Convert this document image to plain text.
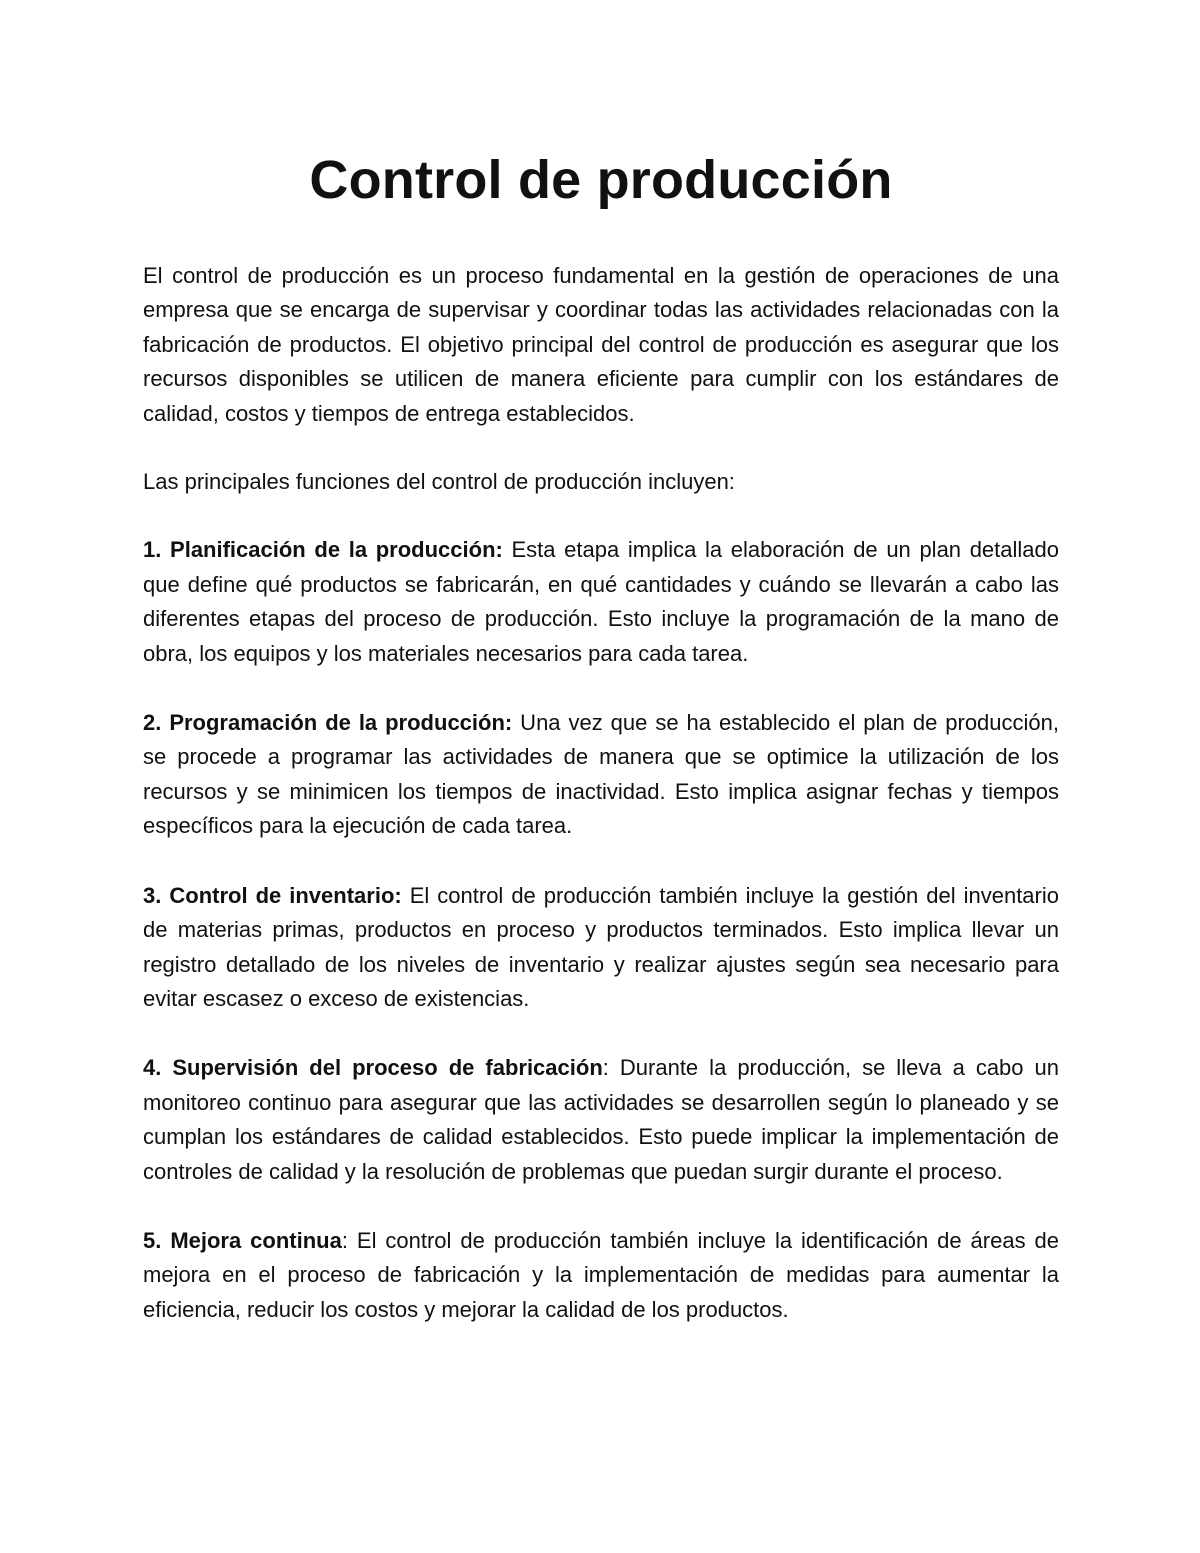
Control de producción

El control de producción es un proceso fundamental en la gestión de operaciones de una empresa que se encarga de supervisar y coordinar todas las actividades relacionadas con la fabricación de productos. El objetivo principal del control de producción es asegurar que los recursos disponibles se utilicen de manera eficiente para cumplir con los estándares de calidad, costos y tiempos de entrega establecidos.

Las principales funciones del control de producción incluyen:

1. Planificación de la producción: Esta etapa implica la elaboración de un plan detallado que define qué productos se fabricarán, en qué cantidades y cuándo se llevarán a cabo las diferentes etapas del proceso de producción. Esto incluye la programación de la mano de obra, los equipos y los materiales necesarios para cada tarea.

2. Programación de la producción: Una vez que se ha establecido el plan de producción, se procede a programar las actividades de manera que se optimice la utilización de los recursos y se minimicen los tiempos de inactividad. Esto implica asignar fechas y tiempos específicos para la ejecución de cada tarea.

3. Control de inventario: El control de producción también incluye la gestión del inventario de materias primas, productos en proceso y productos terminados. Esto implica llevar un registro detallado de los niveles de inventario y realizar ajustes según sea necesario para evitar escasez o exceso de existencias.

4. Supervisión del proceso de fabricación: Durante la producción, se lleva a cabo un monitoreo continuo para asegurar que las actividades se desarrollen según lo planeado y se cumplan los estándares de calidad establecidos. Esto puede implicar la implementación de controles de calidad y la resolución de problemas que puedan surgir durante el proceso.

5. Mejora continua: El control de producción también incluye la identificación de áreas de mejora en el proceso de fabricación y la implementación de medidas para aumentar la eficiencia, reducir los costos y mejorar la calidad de los productos.
